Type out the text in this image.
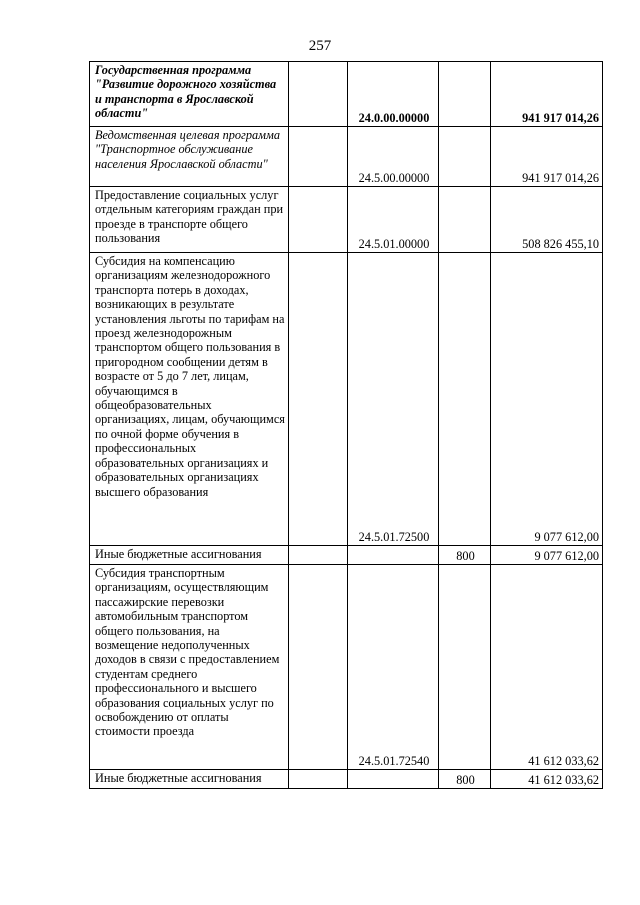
257
Государственная программа "Развитие дорожного хозяйства и транспорта в Ярославской области"		24.0.00.00000		941 917 014,26
Ведомственная целевая программа "Транспортное обслуживание населения Ярославской области"		24.5.00.00000		941 917 014,26
Предоставление социальных услуг отдельным категориям граждан при проезде в транспорте общего пользования		24.5.01.00000		508 826 455,10
Субсидия на компенсацию организациям железнодорожного транспорта потерь в доходах, возникающих в результате установления льготы по тарифам на проезд железнодорожным транспортом общего пользования в пригородном сообщении детям в возрасте от 5 до 7 лет, лицам, обучающимся в общеобразовательных организациях, лицам, обучающимся по очной форме обучения в профессиональных образовательных организациях и образовательных организациях высшего образования		24.5.01.72500		9 077 612,00
Иные бюджетные ассигнования			800	9 077 612,00
Субсидия транспортным организациям, осуществляющим пассажирские перевозки автомобильным транспортом общего пользования, на возмещение недополученных доходов в связи с предоставлением студентам среднего профессионального и высшего образования социальных услуг по освобождению от оплаты стоимости проезда		24.5.01.72540		41 612 033,62
Иные бюджетные ассигнования			800	41 612 033,62
